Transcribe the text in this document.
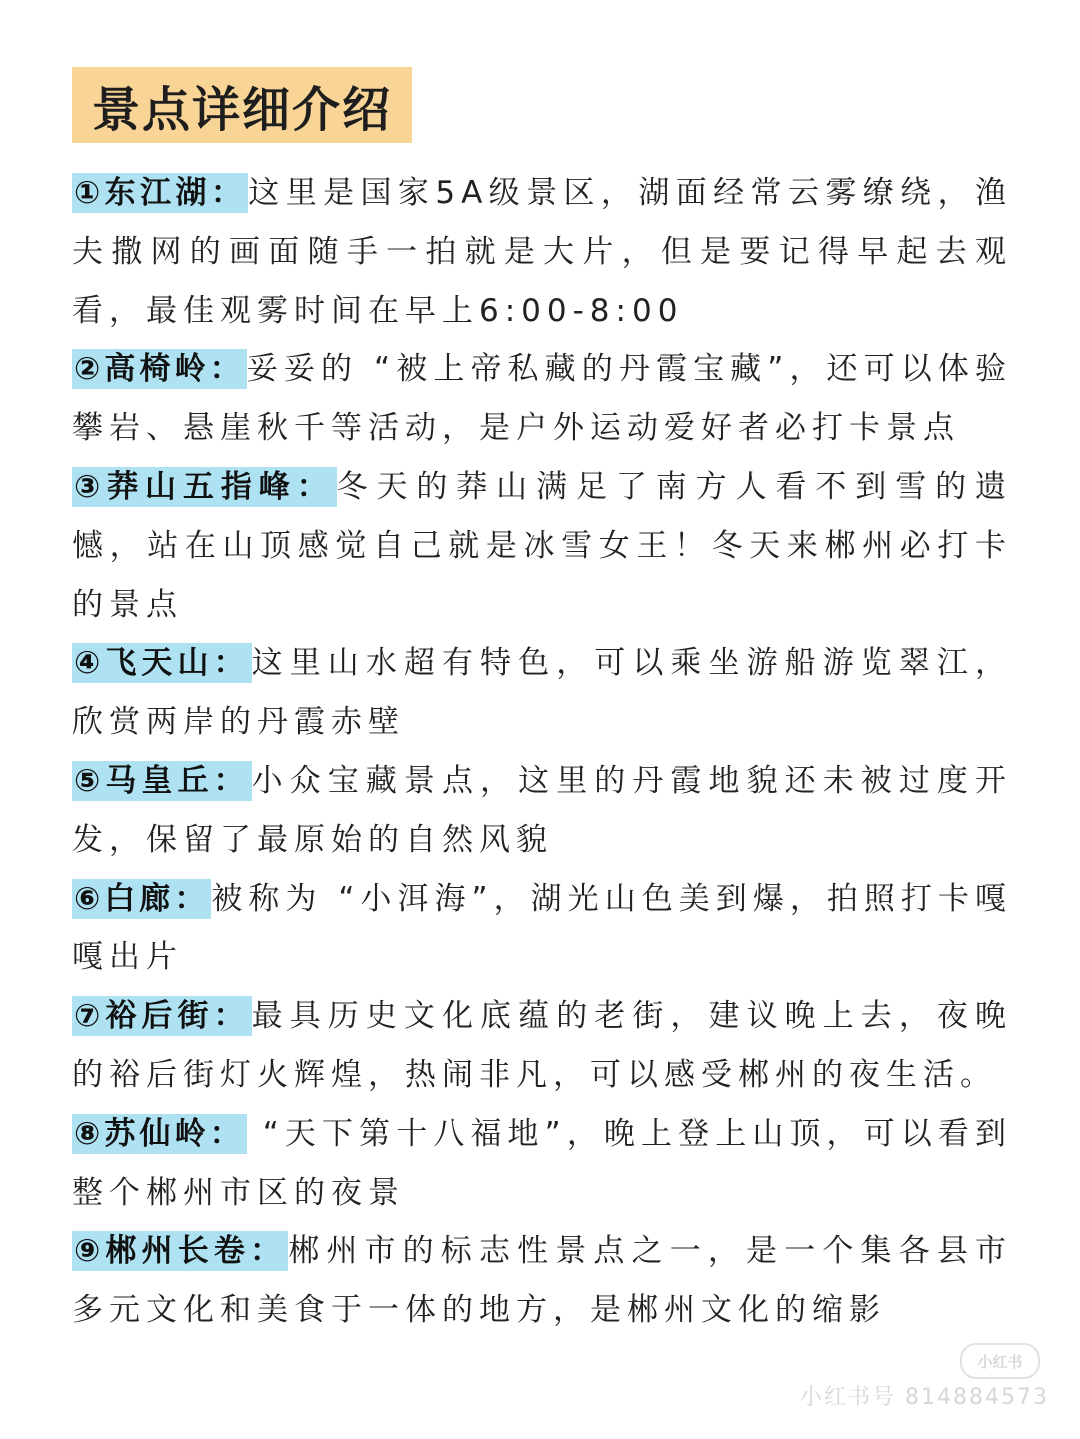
景点详细介绍
①东江湖：这里是国家5A级景区，湖面经常云雾缭绕，渔夫撒网的画面随手一拍就是大片，但是要记得早起去观看，最佳观雾时间在早上6:00-8:00
②高椅岭：妥妥的 “被上帝私藏的丹霞宝藏”，还可以体验攀岩、悬崖秋千等活动，是户外运动爱好者必打卡景点
③莽山五指峰：冬天的莽山满足了南方人看不到雪的遗憾，站在山顶感觉自己就是冰雪女王！冬天来郴州必打卡的景点
④飞天山：这里山水超有特色，可以乘坐游船游览翠江，欣赏两岸的丹霞赤壁
⑤马皇丘：小众宝藏景点，这里的丹霞地貌还未被过度开发，保留了最原始的自然风貌
⑥白廊：被称为 “小洱海”，湖光山色美到爆，拍照打卡嘎嘎出片
⑦裕后街：最具历史文化底蕴的老街，建议晚上去，夜晚的裕后街灯火辉煌，热闹非凡，可以感受郴州的夜生活。
⑧苏仙岭： “天下第十八福地”，晚上登上山顶，可以看到整个郴州市区的夜景
⑨郴州长卷：郴州市的标志性景点之一，是一个集各县市多元文化和美食于一体的地方，是郴州文化的缩影
小红书
小红书号 814884573
